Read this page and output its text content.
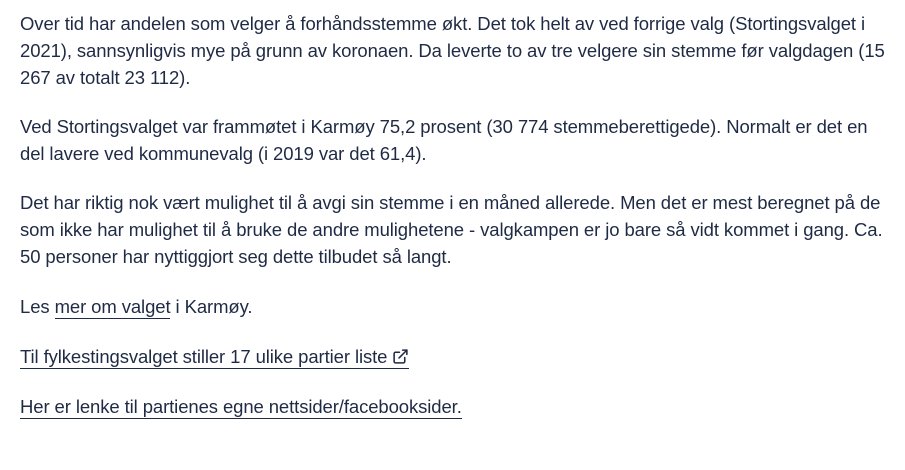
Over tid har andelen som velger å forhåndsstemme økt. Det tok helt av ved forrige valg (Stortingsvalget i 2021), sannsynligvis mye på grunn av koronaen. Da leverte to av tre velgere sin stemme før valgdagen (15 267 av totalt 23 112).

Ved Stortingsvalget var frammøtet i Karmøy 75,2 prosent (30 774 stemmeberettigede). Normalt er det en del lavere ved kommunevalg (i 2019 var det 61,4).

Det har riktig nok vært mulighet til å avgi sin stemme i en måned allerede. Men det er mest beregnet på de som ikke har mulighet til å bruke de andre mulighetene - valgkampen er jo bare så vidt kommet i gang. Ca. 50 personer har nyttiggjort seg dette tilbudet så langt.

Les mer om valget i Karmøy.

Til fylkestingsvalget stiller 17 ulike partier liste

Her er lenke til partienes egne nettsider/facebooksider.
